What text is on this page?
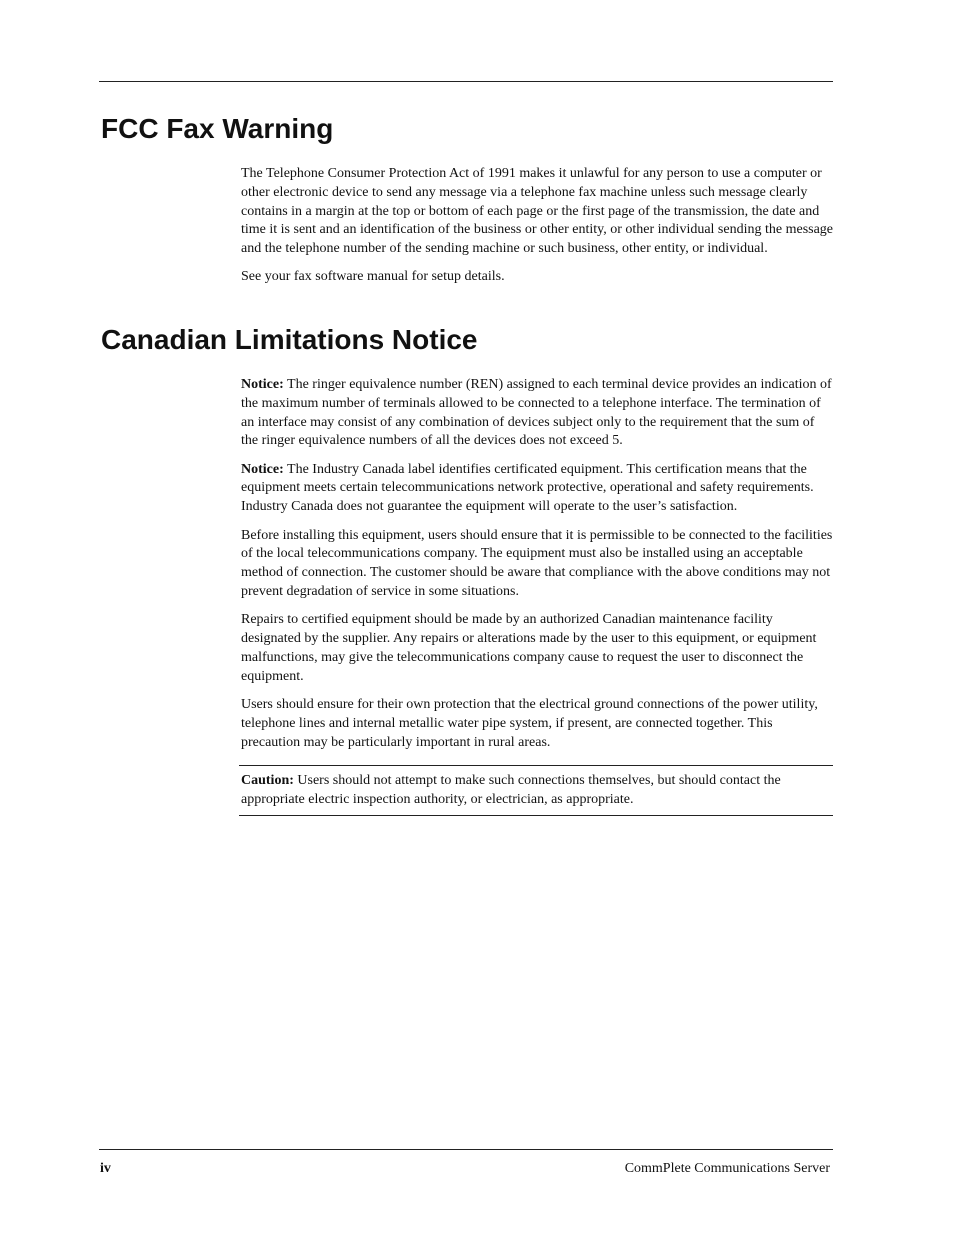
FCC Fax Warning

The Telephone Consumer Protection Act of 1991 makes it unlawful for any person to use a computer or other electronic device to send any message via a telephone fax machine unless such message clearly contains in a margin at the top or bottom of each page or the first page of the transmission, the date and time it is sent and an identification of the business or other entity, or other individual sending the message and the telephone number of the sending machine or such business, other entity, or individual.

See your fax software manual for setup details.

Canadian Limitations Notice

Notice: The ringer equivalence number (REN) assigned to each terminal device provides an indication of the maximum number of terminals allowed to be connected to a telephone interface. The termination of an interface may consist of any combination of devices subject only to the requirement that the sum of the ringer equivalence numbers of all the devices does not exceed 5.

Notice: The Industry Canada label identifies certificated equipment. This certification means that the equipment meets certain telecommunications network protective, operational and safety requirements. Industry Canada does not guarantee the equipment will operate to the user’s satisfaction.

Before installing this equipment, users should ensure that it is permissible to be connected to the facilities of the local telecommunications company. The equipment must also be installed using an acceptable method of connection. The customer should be aware that compliance with the above conditions may not prevent degradation of service in some situations.

Repairs to certified equipment should be made by an authorized Canadian maintenance facility designated by the supplier. Any repairs or alterations made by the user to this equipment, or equipment malfunctions, may give the telecommunications company cause to request the user to disconnect the equipment.

Users should ensure for their own protection that the electrical ground connections of the power utility, telephone lines and internal metallic water pipe system, if present, are connected together. This precaution may be particularly important in rural areas.

Caution: Users should not attempt to make such connections themselves, but should contact the appropriate electric inspection authority, or electrician, as appropriate.
iv	CommPlete Communications Server
